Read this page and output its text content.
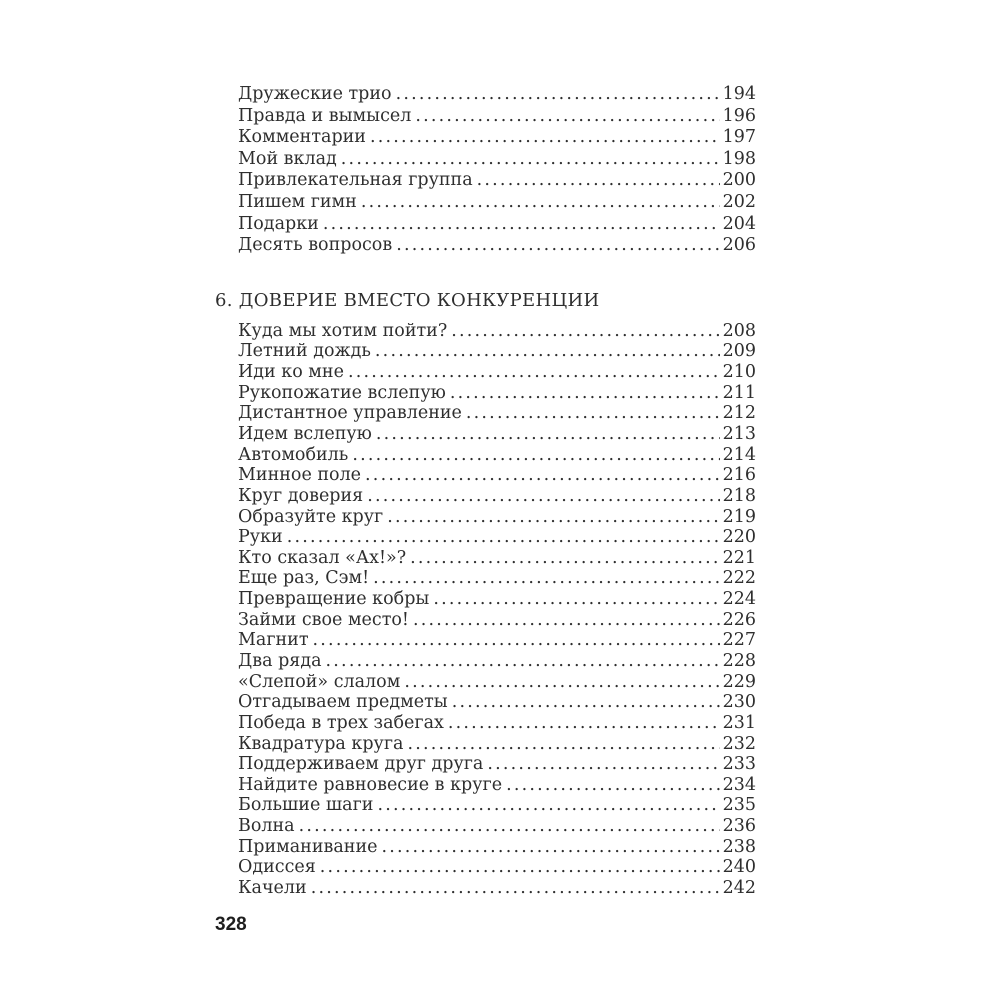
Дружеские трио .....	194
Правда и вымысел .....	196
Комментарии .....	197
Мой вклад .....	198
Привлекательная группа .....	200
Пишем гимн .....	202
Подарки .....	204
Десять вопросов .....	206
6. ДОВЕРИЕ ВМЕСТО КОНКУРЕНЦИИ
Куда мы хотим пойти? .....	208
Летний дождь .....	209
Иди ко мне .....	210
Рукопожатие вслепую .....	211
Дистантное управление .....	212
Идем вслепую .....	213
Автомобиль .....	214
Минное поле .....	216
Круг доверия .....	218
Образуйте круг .....	219
Руки .....	220
Кто сказал «Ах!»? .....	221
Еще раз, Сэм! .....	222
Превращение кобры .....	224
Займи свое место! .....	226
Магнит .....	227
Два ряда .....	228
«Слепой» слалом .....	229
Отгадываем предметы .....	230
Победа в трех забегах .....	231
Квадратура круга .....	232
Поддерживаем друг друга .....	233
Найдите равновесие в круге .....	234
Большие шаги .....	235
Волна .....	236
Приманивание .....	238
Одиссея .....	240
Качели .....	242
328
